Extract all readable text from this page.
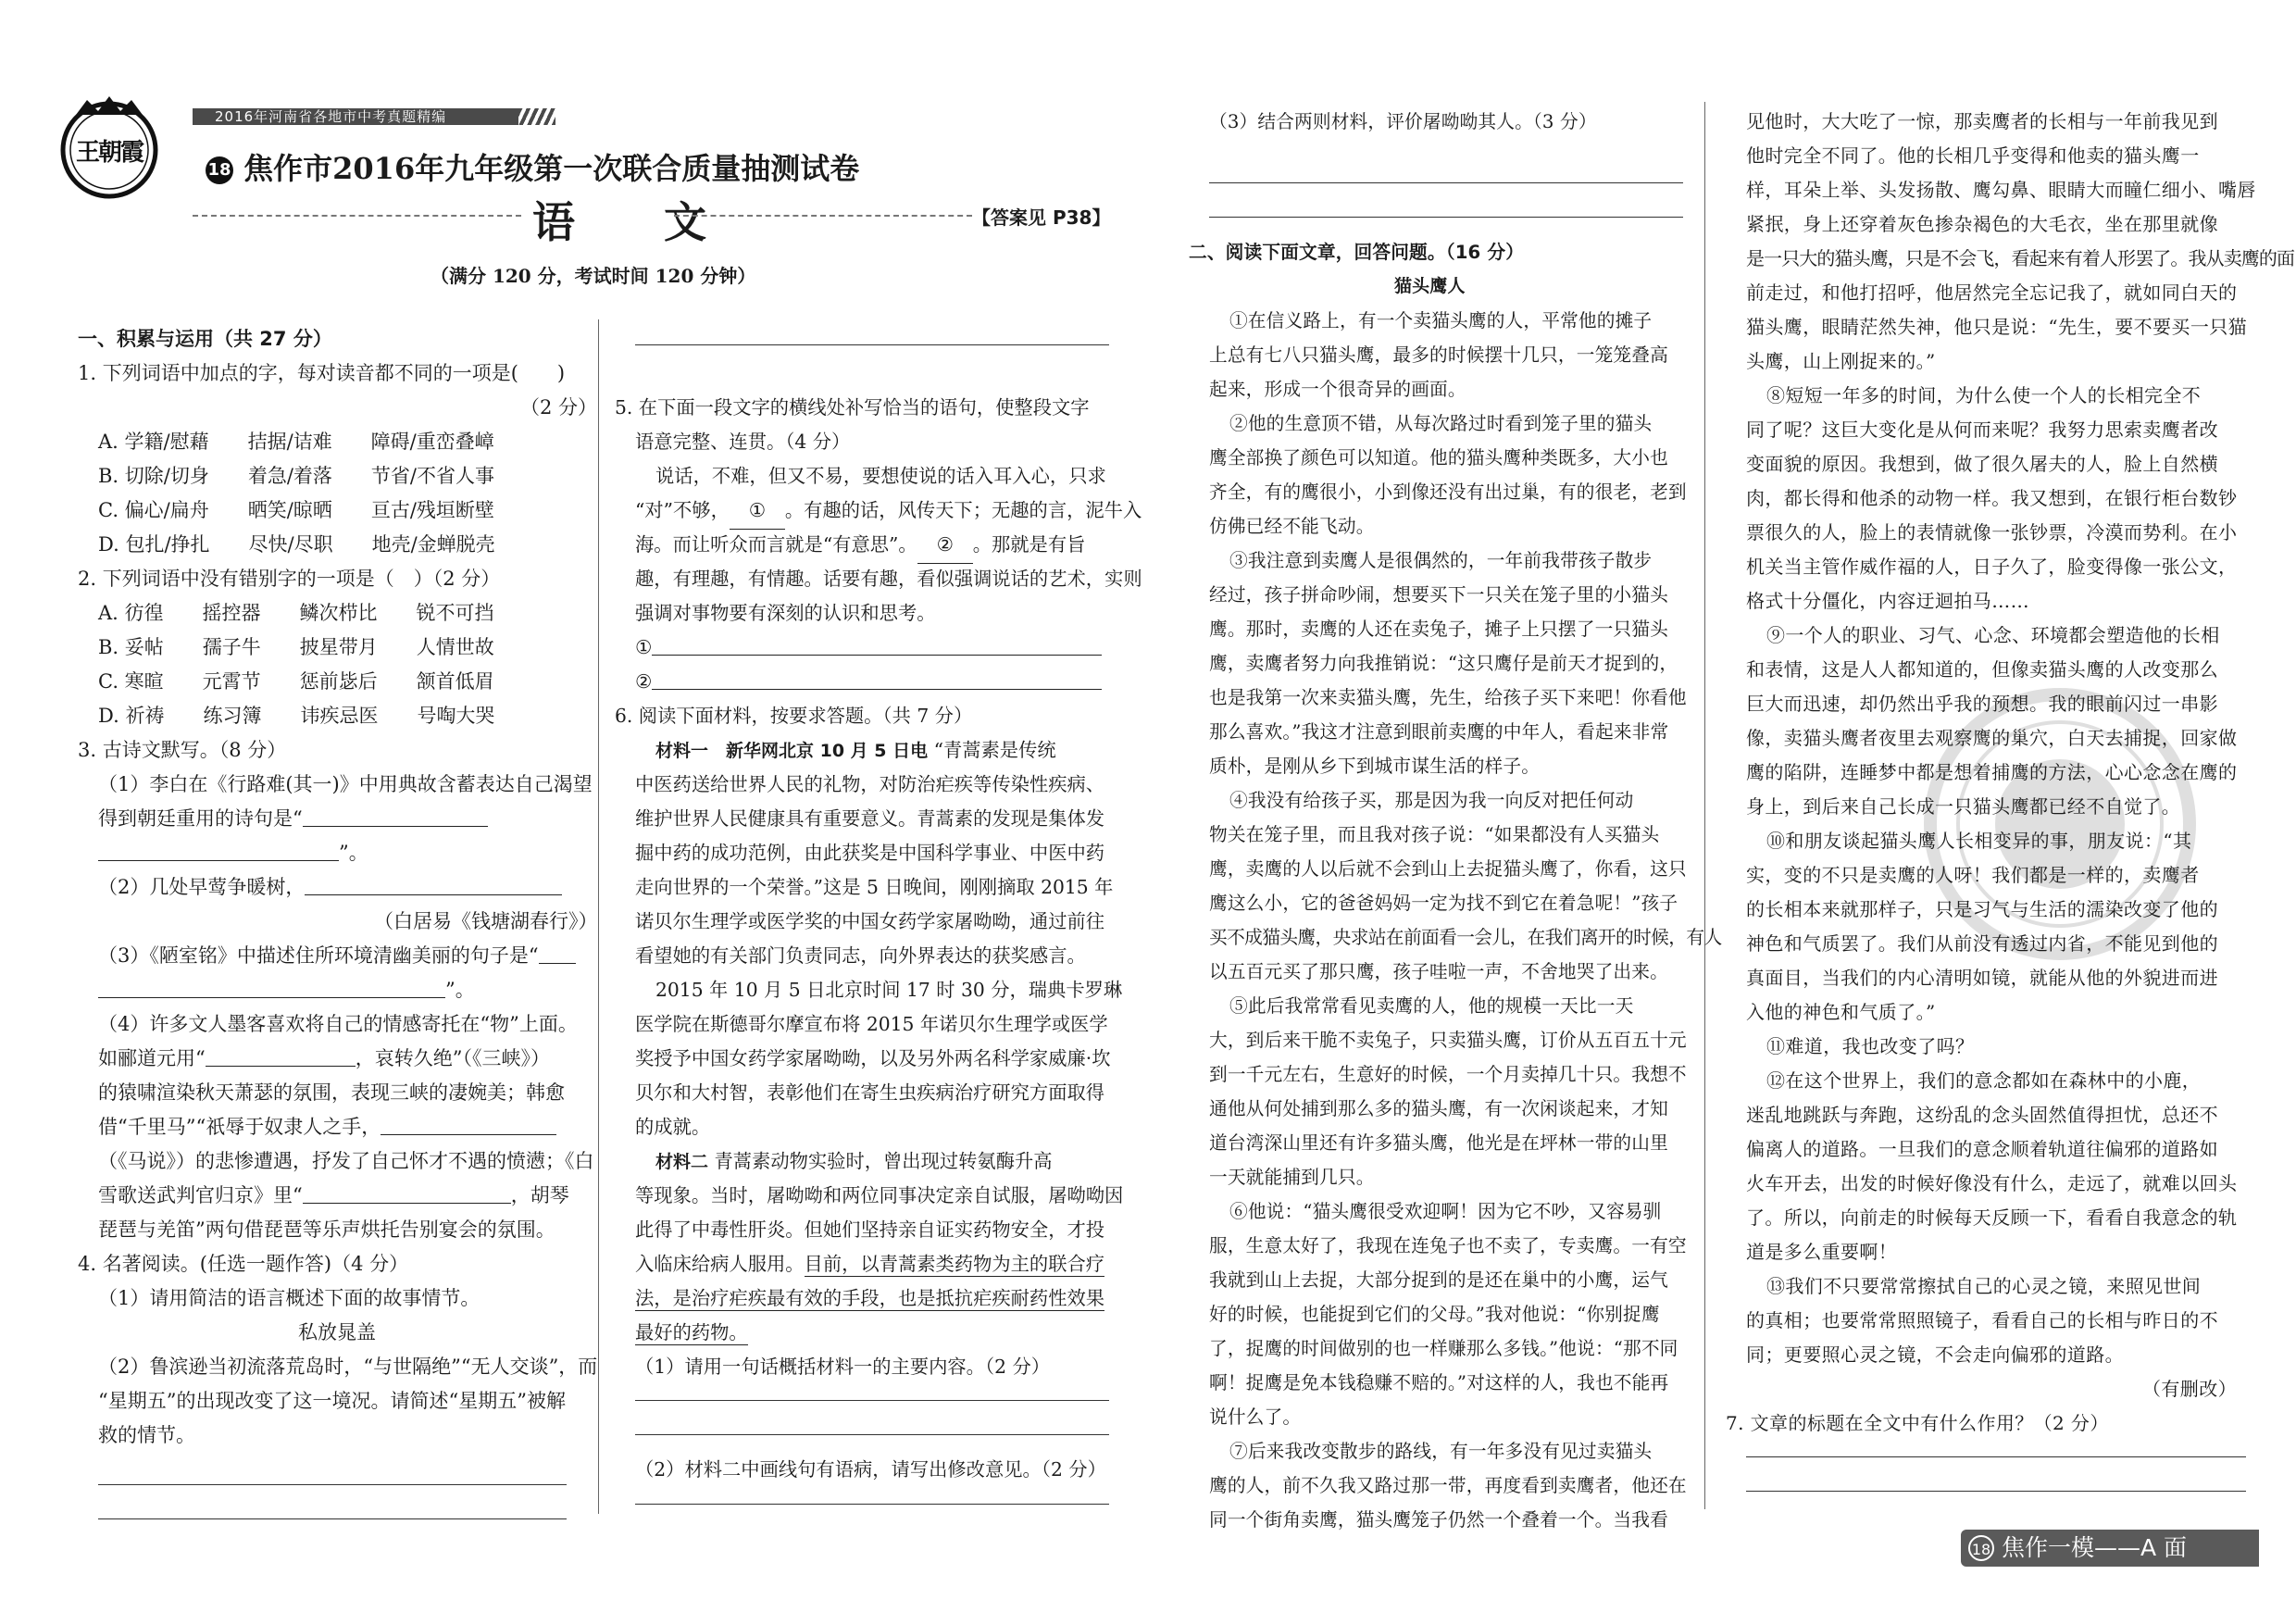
王朝霞
2016年河南省各地市中考真题精编
18 焦作市2016年九年级第一次联合质量抽测试卷
语 文	【答案见 P38】
（满分 120 分，考试时间 120 分钟）
一、积累与运用（共 27 分）
1. 下列词语中加点的字，每对读音都不同的一项是(　　)
（2 分）
A. 学籍/慰藉　　拮据/诘难　　障碍/重峦叠嶂
B. 切除/切身　　着急/着落　　节省/不省人事
C. 偏心/扁舟　　晒笑/晾晒　　亘古/残垣断壁
D. 包扎/挣扎　　尽快/尽职　　地壳/金蝉脱壳
2. 下列词语中没有错别字的一项是（　）（2 分）
A. 彷徨　　摇控器　　鳞次栉比　　锐不可挡
B. 妥帖　　孺子牛　　披星带月　　人情世故
C. 寒暄　　元霄节　　惩前毖后　　颔首低眉
D. 祈祷　　练习簿　　讳疾忌医　　号啕大哭
3. 古诗文默写。（8 分）
（1）李白在《行路难(其一)》中用典故含蓄表达自己渴望
得到朝廷重用的诗句是“
”。
（2）几处早莺争暖树，
（白居易《钱塘湖春行》）
（3）《陋室铭》中描述住所环境清幽美丽的句子是“
”。
（4）许多文人墨客喜欢将自己的情感寄托在“物”上面。
如郦道元用“	，哀转久绝”（《三峡》）
的猿啸渲染秋天萧瑟的氛围，表现三峡的凄婉美；韩愈
借“千里马”“祇辱于奴隶人之手，
（《马说》）的悲惨遭遇，抒发了自己怀才不遇的愤懑；《白
雪歌送武判官归京》里“	，胡琴
琵琶与羌笛”两句借琵琶等乐声烘托告别宴会的氛围。
4. 名著阅读。(任选一题作答)（4 分）
（1）请用简洁的语言概述下面的故事情节。
私放晁盖
（2）鲁滨逊当初流落荒岛时，“与世隔绝”“无人交谈”，而
“星期五”的出现改变了这一境况。请简述“星期五”被解
救的情节。
5. 在下面一段文字的横线处补写恰当的语句，使整段文字
语意完整、连贯。（4 分）
说话，不难，但又不易，要想使说的话入耳入心，只求
“对”不够， ① 。有趣的话，风传天下；无趣的言，泥牛入
海。而让听众而言就是“有意思”。 ② 。那就是有旨
趣，有理趣，有情趣。话要有趣，看似强调说话的艺术，实则
强调对事物要有深刻的认识和思考。
①
②
6. 阅读下面材料，按要求答题。（共 7 分）
材料一　新华网北京 10 月 5 日电 “青蒿素是传统
中医药送给世界人民的礼物，对防治疟疾等传染性疾病、
维护世界人民健康具有重要意义。青蒿素的发现是集体发
掘中药的成功范例，由此获奖是中国科学事业、中医中药
走向世界的一个荣誉。”这是 5 日晚间，刚刚摘取 2015 年
诺贝尔生理学或医学奖的中国女药学家屠呦呦，通过前往
看望她的有关部门负责同志，向外界表达的获奖感言。
2015 年 10 月 5 日北京时间 17 时 30 分，瑞典卡罗琳
医学院在斯德哥尔摩宣布将 2015 年诺贝尔生理学或医学
奖授予中国女药学家屠呦呦，以及另外两名科学家威廉·坎
贝尔和大村智，表彰他们在寄生虫疾病治疗研究方面取得
的成就。
材料二 青蒿素动物实验时，曾出现过转氨酶升高
等现象。当时，屠呦呦和两位同事决定亲自试服，屠呦呦因
此得了中毒性肝炎。但她们坚持亲自证实药物安全，才投
入临床给病人服用。目前，以青蒿素类药物为主的联合疗
法，是治疗疟疾最有效的手段，也是抵抗疟疾耐药性效果
最好的药物。
（1）请用一句话概括材料一的主要内容。（2 分）
（2）材料二中画线句有语病，请写出修改意见。（2 分）
（3）结合两则材料，评价屠呦呦其人。（3 分）
二、阅读下面文章，回答问题。（16 分）
猫头鹰人
①在信义路上，有一个卖猫头鹰的人，平常他的摊子
上总有七八只猫头鹰，最多的时候摆十几只，一笼笼叠高
起来，形成一个很奇异的画面。
②他的生意顶不错，从每次路过时看到笼子里的猫头
鹰全部换了颜色可以知道。他的猫头鹰种类既多，大小也
齐全，有的鹰很小，小到像还没有出过巢，有的很老，老到
仿佛已经不能飞动。
③我注意到卖鹰人是很偶然的，一年前我带孩子散步
经过，孩子拼命吵闹，想要买下一只关在笼子里的小猫头
鹰。那时，卖鹰的人还在卖兔子，摊子上只摆了一只猫头
鹰，卖鹰者努力向我推销说：“这只鹰仔是前天才捉到的，
也是我第一次来卖猫头鹰，先生，给孩子买下来吧！你看他
那么喜欢。”我这才注意到眼前卖鹰的中年人，看起来非常
质朴，是刚从乡下到城市谋生活的样子。
④我没有给孩子买，那是因为我一向反对把任何动
物关在笼子里，而且我对孩子说：“如果都没有人买猫头
鹰，卖鹰的人以后就不会到山上去捉猫头鹰了，你看，这只
鹰这么小，它的爸爸妈妈一定为找不到它在着急呢！”孩子
买不成猫头鹰，央求站在前面看一会儿，在我们离开的时候，有人
以五百元买了那只鹰，孩子哇啦一声，不舍地哭了出来。
⑤此后我常常看见卖鹰的人，他的规模一天比一天
大，到后来干脆不卖兔子，只卖猫头鹰，订价从五百五十元
到一千元左右，生意好的时候，一个月卖掉几十只。我想不
通他从何处捕到那么多的猫头鹰，有一次闲谈起来，才知
道台湾深山里还有许多猫头鹰，他光是在坪林一带的山里
一天就能捕到几只。
⑥他说：“猫头鹰很受欢迎啊！因为它不吵，又容易驯
服，生意太好了，我现在连兔子也不卖了，专卖鹰。一有空
我就到山上去捉，大部分捉到的是还在巢中的小鹰，运气
好的时候，也能捉到它们的父母。”我对他说：“你别捉鹰
了，捉鹰的时间做别的也一样赚那么多钱。”他说：“那不同
啊！捉鹰是免本钱稳赚不赔的。”对这样的人，我也不能再
说什么了。
⑦后来我改变散步的路线，有一年多没有见过卖猫头
鹰的人，前不久我又路过那一带，再度看到卖鹰者，他还在
同一个街角卖鹰，猫头鹰笼子仍然一个叠着一个。当我看
见他时，大大吃了一惊，那卖鹰者的长相与一年前我见到
他时完全不同了。他的长相几乎变得和他卖的猫头鹰一
样，耳朵上举、头发扬散、鹰勾鼻、眼睛大而瞳仁细小、嘴唇
紧抿，身上还穿着灰色掺杂褐色的大毛衣，坐在那里就像
是一只大的猫头鹰，只是不会飞，看起来有着人形罢了。我从卖鹰的面
前走过，和他打招呼，他居然完全忘记我了，就如同白天的
猫头鹰，眼睛茫然失神，他只是说：“先生，要不要买一只猫
头鹰，山上刚捉来的。”
⑧短短一年多的时间，为什么使一个人的长相完全不
同了呢？这巨大变化是从何而来呢？我努力思索卖鹰者改
变面貌的原因。我想到，做了很久屠夫的人，脸上自然横
肉，都长得和他杀的动物一样。我又想到，在银行柜台数钞
票很久的人，脸上的表情就像一张钞票，冷漠而势利。在小
机关当主管作威作福的人，日子久了，脸变得像一张公文，
格式十分僵化，内容迂迴拍马……
⑨一个人的职业、习气、心念、环境都会塑造他的长相
和表情，这是人人都知道的，但像卖猫头鹰的人改变那么
巨大而迅速，却仍然出乎我的预想。我的眼前闪过一串影
像，卖猫头鹰者夜里去观察鹰的巢穴，白天去捕捉，回家做
鹰的陷阱，连睡梦中都是想着捕鹰的方法，心心念念在鹰的
身上，到后来自己长成一只猫头鹰都已经不自觉了。
⑩和朋友谈起猫头鹰人长相变异的事，朋友说：“其
实，变的不只是卖鹰的人呀！我们都是一样的，卖鹰者
的长相本来就那样子，只是习气与生活的濡染改变了他的
神色和气质罢了。我们从前没有透过内省，不能见到他的
真面目，当我们的内心清明如镜，就能从他的外貌进而进
入他的神色和气质了。”
⑪难道，我也改变了吗？
⑫在这个世界上，我们的意念都如在森林中的小鹿，
迷乱地跳跃与奔跑，这纷乱的念头固然值得担忧，总还不
偏离人的道路。一旦我们的意念顺着轨道往偏邪的道路如
火车开去，出发的时候好像没有什么，走远了，就难以回头
了。所以，向前走的时候每天反顾一下，看看自我意念的轨
道是多么重要啊！
⑬我们不只要常常擦拭自己的心灵之镜，来照见世间
的真相；也要常常照照镜子，看看自己的长相与昨日的不
同；更要照心灵之镜，不会走向偏邪的道路。
（有删改）
7. 文章的标题在全文中有什么作用？（2 分）
18 焦作一模——A 面
